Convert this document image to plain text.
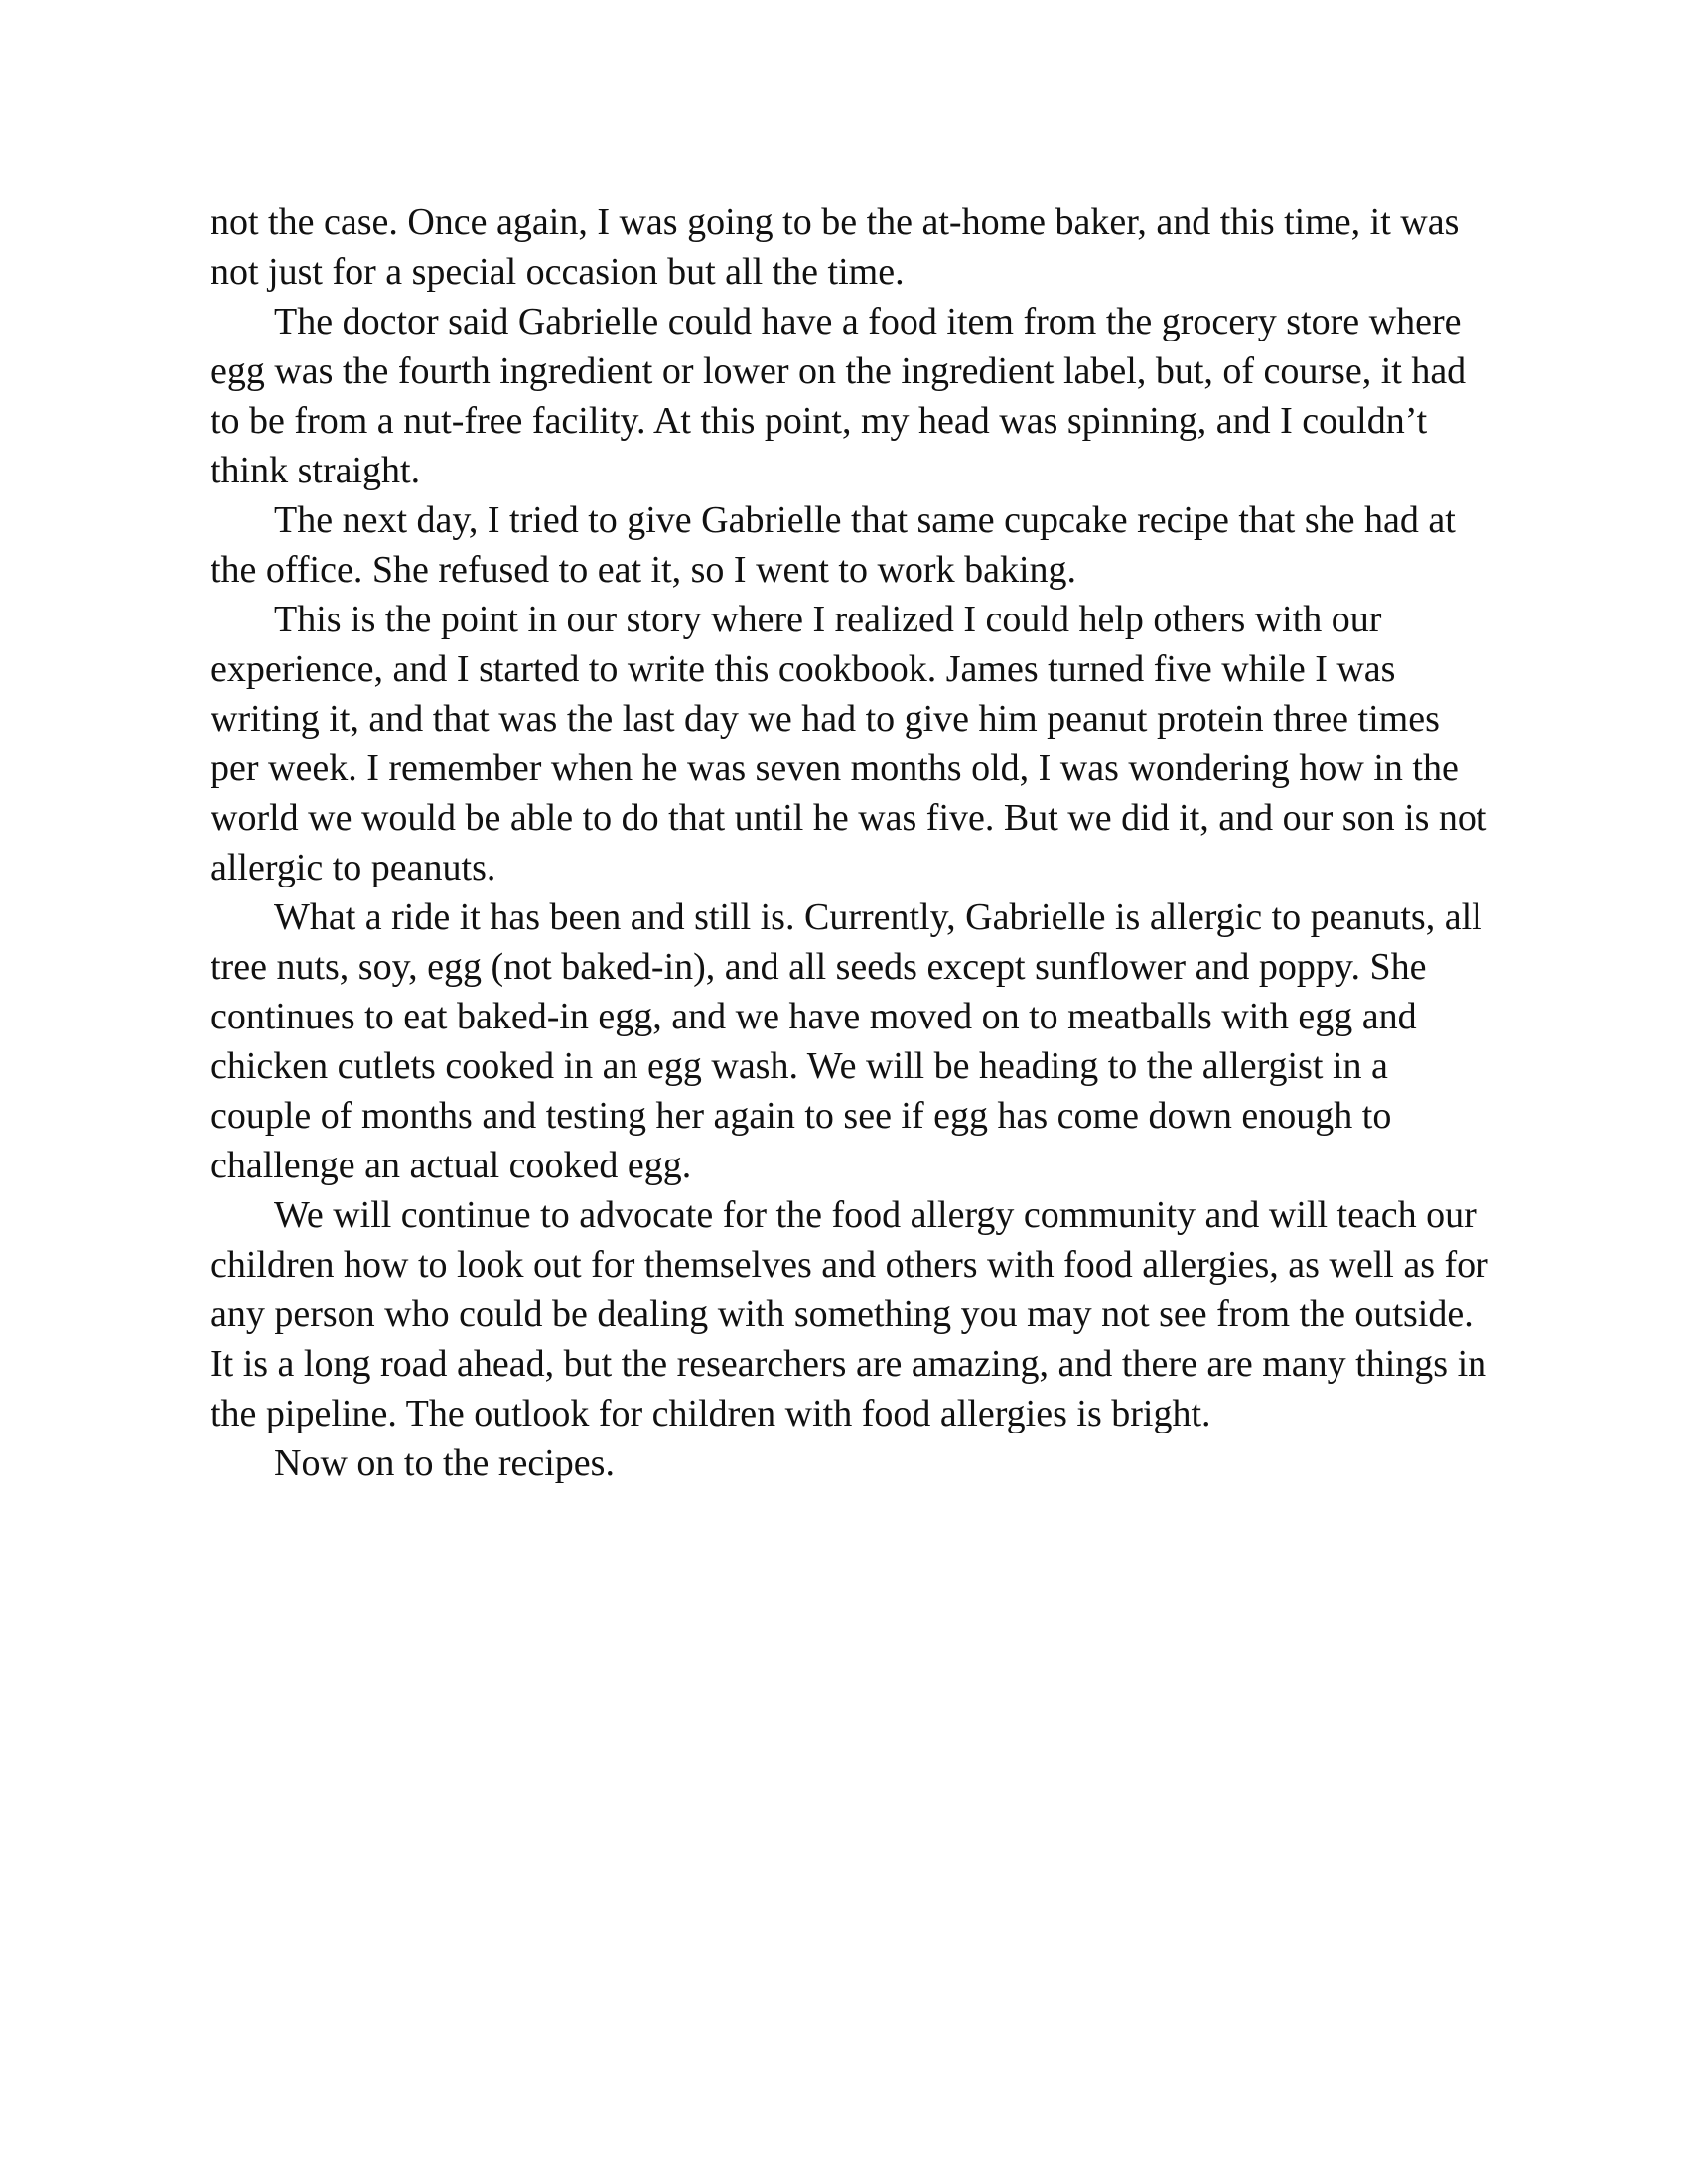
not the case. Once again, I was going to be the at-home baker, and this time, it was not just for a special occasion but all the time.

The doctor said Gabrielle could have a food item from the grocery store where egg was the fourth ingredient or lower on the ingredient label, but, of course, it had to be from a nut-free facility. At this point, my head was spinning, and I couldn’t think straight.

The next day, I tried to give Gabrielle that same cupcake recipe that she had at the office. She refused to eat it, so I went to work baking.

This is the point in our story where I realized I could help others with our experience, and I started to write this cookbook. James turned five while I was writing it, and that was the last day we had to give him peanut protein three times per week. I remember when he was seven months old, I was wondering how in the world we would be able to do that until he was five. But we did it, and our son is not allergic to peanuts.

What a ride it has been and still is. Currently, Gabrielle is allergic to peanuts, all tree nuts, soy, egg (not baked-in), and all seeds except sunflower and poppy. She continues to eat baked-in egg, and we have moved on to meatballs with egg and chicken cutlets cooked in an egg wash. We will be heading to the allergist in a couple of months and testing her again to see if egg has come down enough to challenge an actual cooked egg.

We will continue to advocate for the food allergy community and will teach our children how to look out for themselves and others with food allergies, as well as for any person who could be dealing with something you may not see from the outside. It is a long road ahead, but the researchers are amazing, and there are many things in the pipeline. The outlook for children with food allergies is bright.

Now on to the recipes.
